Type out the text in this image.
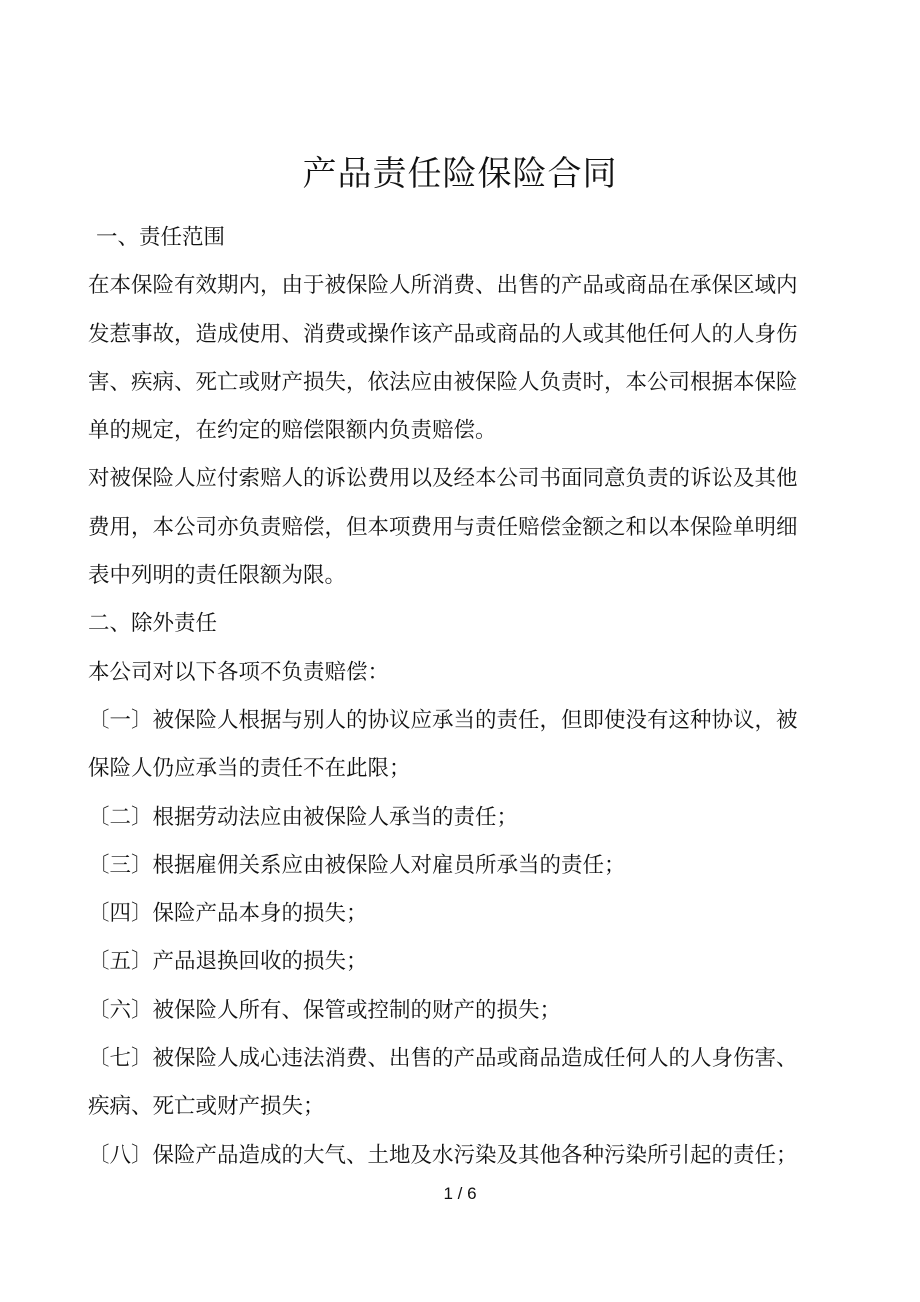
产品责任险保险合同
一、责任范围
在本保险有效期内，由于被保险人所消费、出售的产品或商品在承保区域内
发惹事故，造成使用、消费或操作该产品或商品的人或其他任何人的人身伤
害、疾病、死亡或财产损失，依法应由被保险人负责时，本公司根据本保险
单的规定，在约定的赔偿限额内负责赔偿。
对被保险人应付索赔人的诉讼费用以及经本公司书面同意负责的诉讼及其他
费用，本公司亦负责赔偿，但本项费用与责任赔偿金额之和以本保险单明细
表中列明的责任限额为限。
二、除外责任
本公司对以下各项不负责赔偿：
〔一〕被保险人根据与别人的协议应承当的责任，但即使没有这种协议，被
保险人仍应承当的责任不在此限；
〔二〕根据劳动法应由被保险人承当的责任；
〔三〕根据雇佣关系应由被保险人对雇员所承当的责任；
〔四〕保险产品本身的损失；
〔五〕产品退换回收的损失；
〔六〕被保险人所有、保管或控制的财产的损失；
〔七〕被保险人成心违法消费、出售的产品或商品造成任何人的人身伤害、
疾病、死亡或财产损失；
〔八〕保险产品造成的大气、土地及水污染及其他各种污染所引起的责任；
1 / 6
